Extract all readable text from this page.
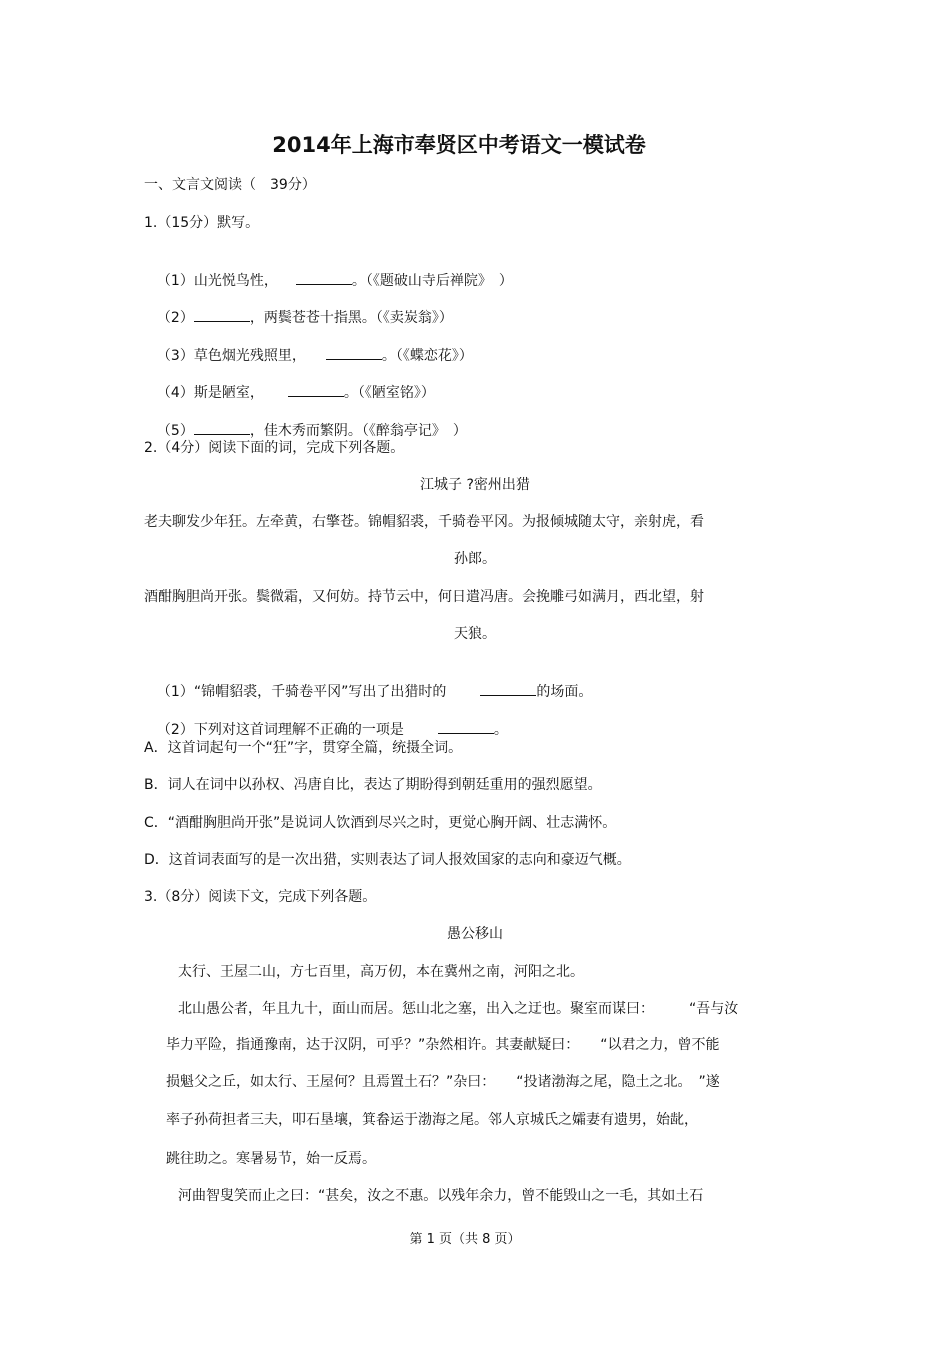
2014年上海市奉贤区中考语文一模试卷
一、文言文阅读（　39分）
1.（15分）默写。

（1）山光悦鸟性，	。（《题破山寺后禅院》　）

（2）	，两鬓苍苍十指黑。（《卖炭翁》）

（3）草色烟光残照里，	。（《蝶恋花》）

（4）斯是陋室，	。（《陋室铭》）

（5）	，佳木秀而繁阴。（《醉翁亭记》　）

2.（4分）阅读下面的词，完成下列各题。
江城子 ?密州出猎
老夫聊发少年狂。左牵黄，右擎苍。锦帽貂裘，千骑卷平冈。为报倾城随太守，亲射虎，看
孙郎。
酒酣胸胆尚开张。鬓微霜，又何妨。持节云中，何日遣冯唐。会挽雕弓如满月，西北望，射
天狼。

（1）“锦帽貂裘，千骑卷平冈”写出了出猎时的	的场面。

（2）下列对这首词理解不正确的一项是	。

A．这首词起句一个“狂”字，贯穿全篇，统摄全词。
B．词人在词中以孙权、冯唐自比，表达了期盼得到朝廷重用的强烈愿望。
C．“酒酣胸胆尚开张”是说词人饮酒到尽兴之时，更觉心胸开阔、壮志满怀。
D．这首词表面写的是一次出猎，实则表达了词人报效国家的志向和豪迈气概。
3.（8分）阅读下文，完成下列各题。
愚公移山
太行、王屋二山，方七百里，高万仞，本在冀州之南，河阳之北。
北山愚公者，年且九十，面山而居。惩山北之塞，出入之迂也。聚室而谋曰：　　　“吾与汝
毕力平险，指通豫南，达于汉阴，可乎？”杂然相许。其妻献疑曰：　　“以君之力，曾不能
损魁父之丘，如太行、王屋何？且焉置土石？”杂曰：　　“投诸渤海之尾，隐土之北。　”遂
率子孙荷担者三夫，叩石垦壤，箕畚运于渤海之尾。邻人京城氏之孀妻有遗男，始龀，
跳往助之。寒暑易节，始一反焉。
河曲智叟笑而止之曰：“甚矣，汝之不惠。以残年余力，曾不能毁山之一毛，其如土石
第 1 页（共 8 页）
